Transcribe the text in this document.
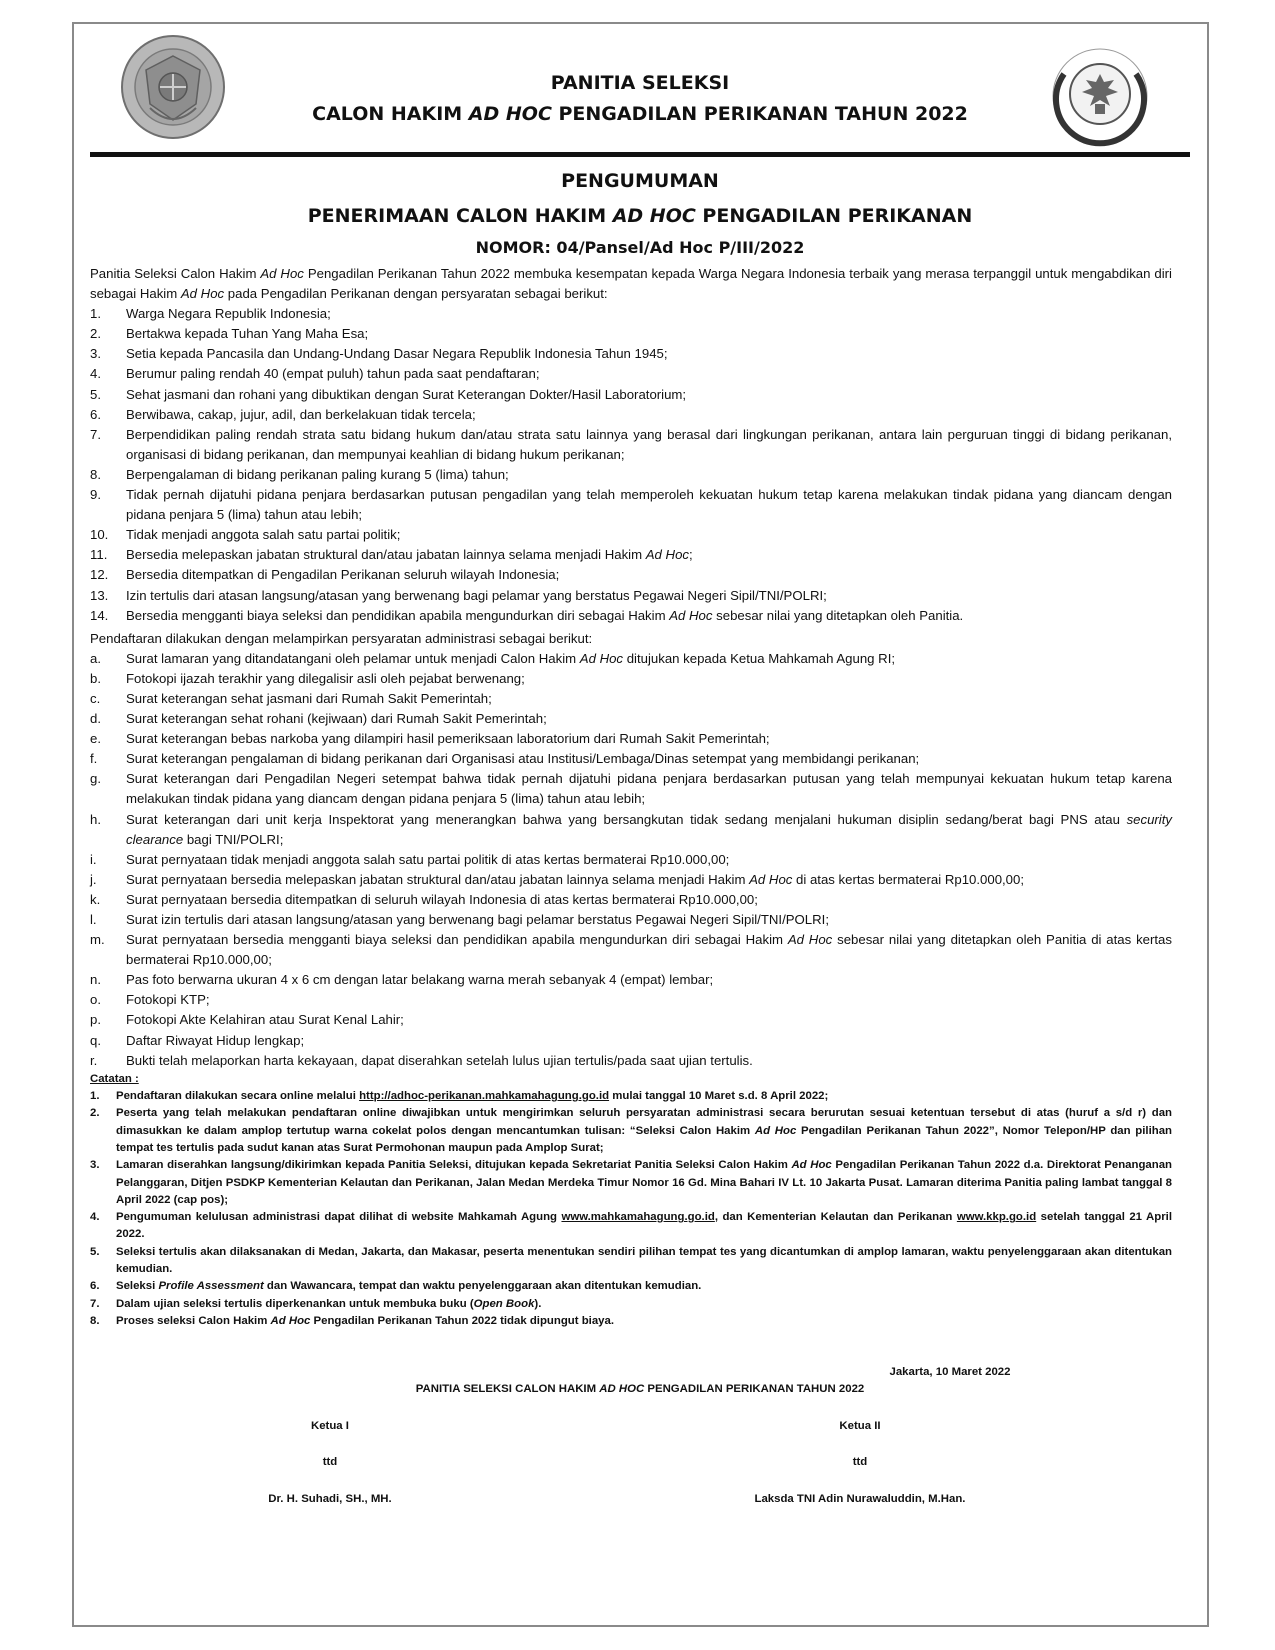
PANITIA SELEKSI
CALON HAKIM AD HOC PENGADILAN PERIKANAN TAHUN 2022
PENGUMUMAN
PENERIMAAN CALON HAKIM AD HOC PENGADILAN PERIKANAN
NOMOR: 04/Pansel/Ad Hoc P/III/2022
Panitia Seleksi Calon Hakim Ad Hoc Pengadilan Perikanan Tahun 2022 membuka kesempatan kepada Warga Negara Indonesia terbaik yang merasa terpanggil untuk mengabdikan diri sebagai Hakim Ad Hoc pada Pengadilan Perikanan dengan persyaratan sebagai berikut:
1.	Warga Negara Republik Indonesia;
2.	Bertakwa kepada Tuhan Yang Maha Esa;
3.	Setia kepada Pancasila dan Undang-Undang Dasar Negara Republik Indonesia Tahun 1945;
4.	Berumur paling rendah 40 (empat puluh) tahun pada saat pendaftaran;
5.	Sehat jasmani dan rohani yang dibuktikan dengan Surat Keterangan Dokter/Hasil Laboratorium;
6.	Berwibawa, cakap, jujur, adil, dan berkelakuan tidak tercela;
7.	Berpendidikan paling rendah strata satu bidang hukum dan/atau strata satu lainnya yang berasal dari lingkungan perikanan, antara lain perguruan tinggi di bidang perikanan, organisasi di bidang perikanan, dan mempunyai keahlian di bidang hukum perikanan;
8.	Berpengalaman di bidang perikanan paling kurang 5 (lima) tahun;
9.	Tidak pernah dijatuhi pidana penjara berdasarkan putusan pengadilan yang telah memperoleh kekuatan hukum tetap karena melakukan tindak pidana yang diancam dengan pidana penjara 5 (lima) tahun atau lebih;
10.	Tidak menjadi anggota salah satu partai politik;
11.	Bersedia melepaskan jabatan struktural dan/atau jabatan lainnya selama menjadi Hakim Ad Hoc;
12.	Bersedia ditempatkan di Pengadilan Perikanan seluruh wilayah Indonesia;
13.	Izin tertulis dari atasan langsung/atasan yang berwenang bagi pelamar yang berstatus Pegawai Negeri Sipil/TNI/POLRI;
14.	Bersedia mengganti biaya seleksi dan pendidikan apabila mengundurkan diri sebagai Hakim Ad Hoc sebesar nilai yang ditetapkan oleh Panitia.
Pendaftaran dilakukan dengan melampirkan persyaratan administrasi sebagai berikut:
a.	Surat lamaran yang ditandatangani oleh pelamar untuk menjadi Calon Hakim Ad Hoc ditujukan kepada Ketua Mahkamah Agung RI;
b.	Fotokopi ijazah terakhir yang dilegalisir asli oleh pejabat berwenang;
c.	Surat keterangan sehat jasmani dari Rumah Sakit Pemerintah;
d.	Surat keterangan sehat rohani (kejiwaan) dari Rumah Sakit Pemerintah;
e.	Surat keterangan bebas narkoba yang dilampiri hasil pemeriksaan laboratorium dari Rumah Sakit Pemerintah;
f.	Surat keterangan pengalaman di bidang perikanan dari Organisasi atau Institusi/Lembaga/Dinas setempat yang membidangi perikanan;
g.	Surat keterangan dari Pengadilan Negeri setempat bahwa tidak pernah dijatuhi pidana penjara berdasarkan putusan yang telah mempunyai kekuatan hukum tetap karena melakukan tindak pidana yang diancam dengan pidana penjara 5 (lima) tahun atau lebih;
h.	Surat keterangan dari unit kerja Inspektorat yang menerangkan bahwa yang bersangkutan tidak sedang menjalani hukuman disiplin sedang/berat bagi PNS atau security clearance bagi TNI/POLRI;
i.	Surat pernyataan tidak menjadi anggota salah satu partai politik di atas kertas bermaterai Rp10.000,00;
j.	Surat pernyataan bersedia melepaskan jabatan struktural dan/atau jabatan lainnya selama menjadi Hakim Ad Hoc di atas kertas bermaterai Rp10.000,00;
k.	Surat pernyataan bersedia ditempatkan di seluruh wilayah Indonesia di atas kertas bermaterai Rp10.000,00;
l.	Surat izin tertulis dari atasan langsung/atasan yang berwenang bagi pelamar berstatus Pegawai Negeri Sipil/TNI/POLRI;
m.	Surat pernyataan bersedia mengganti biaya seleksi dan pendidikan apabila mengundurkan diri sebagai Hakim Ad Hoc sebesar nilai yang ditetapkan oleh Panitia di atas kertas bermaterai Rp10.000,00;
n.	Pas foto berwarna ukuran 4 x 6 cm dengan latar belakang warna merah sebanyak 4 (empat) lembar;
o.	Fotokopi KTP;
p.	Fotokopi Akte Kelahiran atau Surat Kenal Lahir;
q.	Daftar Riwayat Hidup lengkap;
r.	Bukti telah melaporkan harta kekayaan, dapat diserahkan setelah lulus ujian tertulis/pada saat ujian tertulis.
Catatan :
1.	Pendaftaran dilakukan secara online melalui http://adhoc-perikanan.mahkamahagung.go.id mulai tanggal 10 Maret s.d. 8 April 2022;
2.	Peserta yang telah melakukan pendaftaran online diwajibkan untuk mengirimkan seluruh persyaratan administrasi secara berurutan sesuai ketentuan tersebut di atas (huruf a s/d r) dan dimasukkan ke dalam amplop tertutup warna cokelat polos dengan mencantumkan tulisan: “Seleksi Calon Hakim Ad Hoc Pengadilan Perikanan Tahun 2022”, Nomor Telepon/HP dan pilihan tempat tes tertulis pada sudut kanan atas Surat Permohonan maupun pada Amplop Surat;
3.	Lamaran diserahkan langsung/dikirimkan kepada Panitia Seleksi, ditujukan kepada Sekretariat Panitia Seleksi Calon Hakim Ad Hoc Pengadilan Perikanan Tahun 2022 d.a. Direktorat Penanganan Pelanggaran, Ditjen PSDKP Kementerian Kelautan dan Perikanan, Jalan Medan Merdeka Timur Nomor 16 Gd. Mina Bahari IV Lt. 10 Jakarta Pusat. Lamaran diterima Panitia paling lambat tanggal 8 April 2022 (cap pos);
4.	Pengumuman kelulusan administrasi dapat dilihat di website Mahkamah Agung www.mahkamahagung.go.id, dan Kementerian Kelautan dan Perikanan www.kkp.go.id setelah tanggal 21 April 2022.
5.	Seleksi tertulis akan dilaksanakan di Medan, Jakarta, dan Makasar, peserta menentukan sendiri pilihan tempat tes yang dicantumkan di amplop lamaran, waktu penyelenggaraan akan ditentukan kemudian.
6.	Seleksi Profile Assessment dan Wawancara, tempat dan waktu penyelenggaraan akan ditentukan kemudian.
7.	Dalam ujian seleksi tertulis diperkenankan untuk membuka buku (Open Book).
8.	Proses seleksi Calon Hakim Ad Hoc Pengadilan Perikanan Tahun 2022 tidak dipungut biaya.
Jakarta, 10 Maret 2022
PANITIA SELEKSI CALON HAKIM AD HOC PENGADILAN PERIKANAN TAHUN 2022
Ketua I
ttd
Dr. H. Suhadi, SH., MH.
Ketua II
ttd
Laksda TNI Adin Nurawaluddin, M.Han.
